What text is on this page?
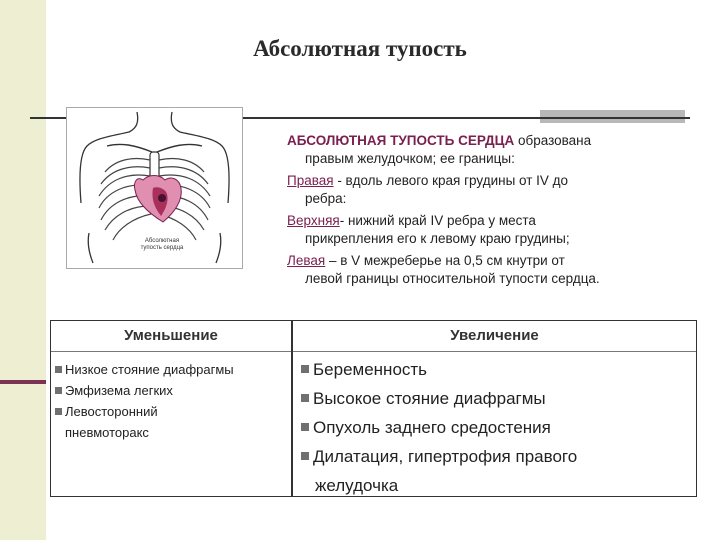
Абсолютная тупость
Абсолютная тупость сердца
АБСОЛЮТНАЯ ТУПОСТЬ СЕРДЦА образована
правым желудочком; ее границы:
Правая - вдоль левого края грудины от IV до
ребра:
Верхняя- нижний край IV ребра у места
прикрепления его к левому краю грудины;
Левая – в V межреберье на 0,5 см кнутри от
левой границы относительной тупости сердца.
Уменьшение	Увеличение
Низкое стояние диафрагмы
Эмфизема легких
Левосторонний
пневмоторакс
Беременность
Высокое стояние диафрагмы
Опухоль заднего средостения
Дилатация, гипертрофия правого
желудочка
